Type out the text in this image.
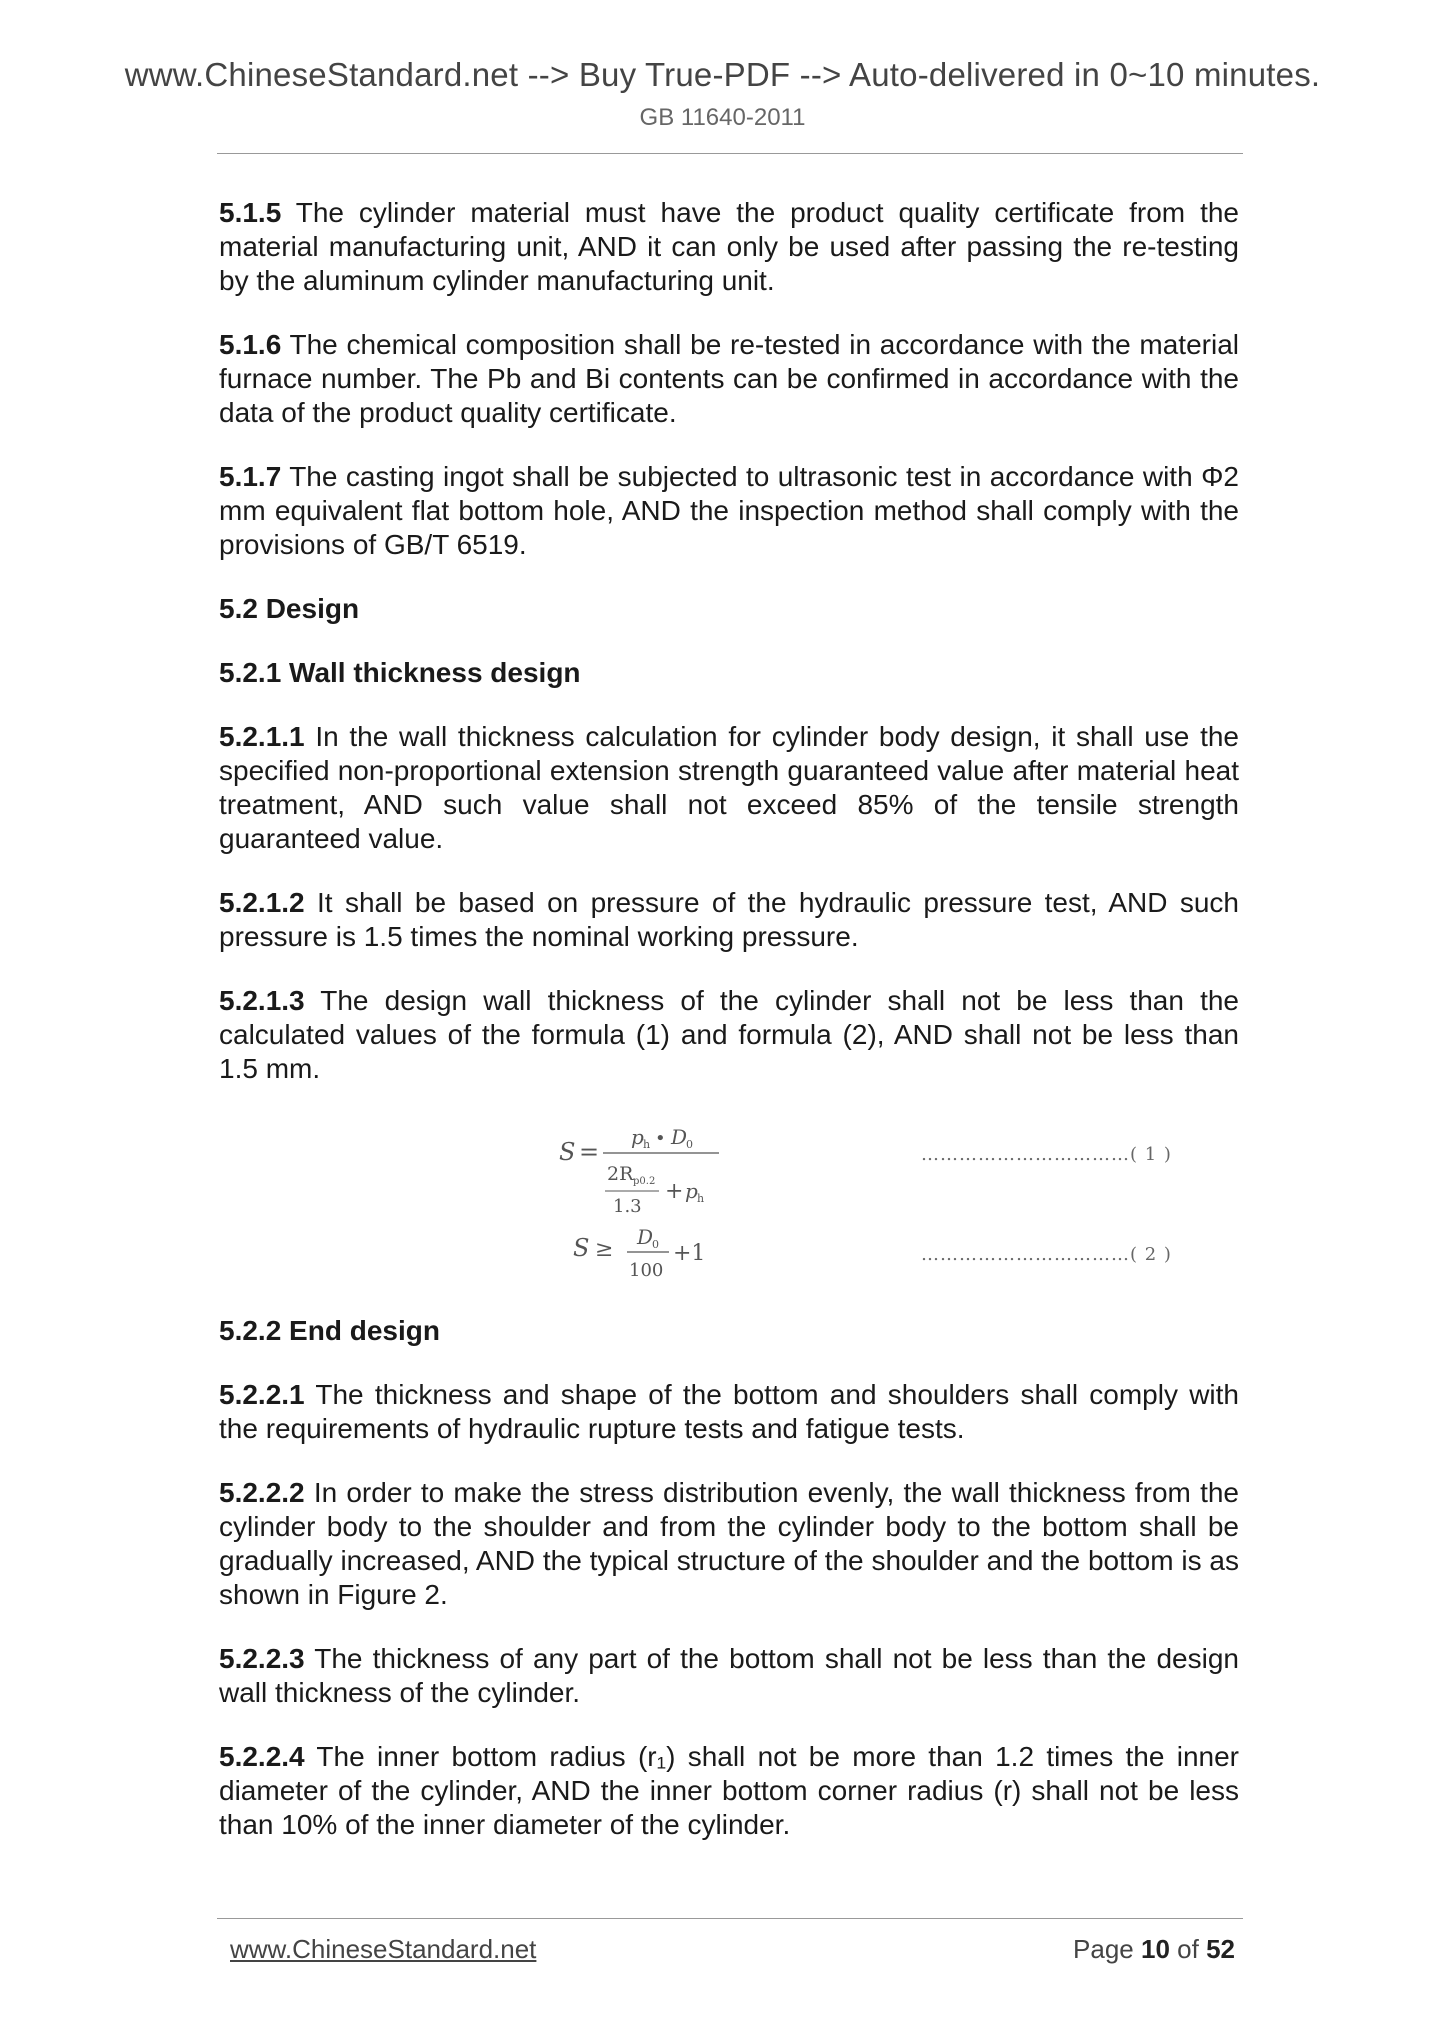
www.ChineseStandard.net --> Buy True-PDF --> Auto-delivered in 0~10 minutes.
GB 11640-2011

5.1.5 The cylinder material must have the product quality certificate from the material manufacturing unit, AND it can only be used after passing the re-testing by the aluminum cylinder manufacturing unit.

5.1.6 The chemical composition shall be re-tested in accordance with the material furnace number. The Pb and Bi contents can be confirmed in accordance with the data of the product quality certificate.

5.1.7 The casting ingot shall be subjected to ultrasonic test in accordance with Φ2 mm equivalent flat bottom hole, AND the inspection method shall comply with the provisions of GB/T 6519.

5.2 Design
5.2.1 Wall thickness design

5.2.1.1 In the wall thickness calculation for cylinder body design, it shall use the specified non-proportional extension strength guaranteed value after material heat treatment, AND such value shall not exceed 85% of the tensile strength guaranteed value.

5.2.1.2 It shall be based on pressure of the hydraulic pressure test, AND such pressure is 1.5 times the nominal working pressure.

5.2.1.3 The design wall thickness of the cylinder shall not be less than the calculated values of the formula (1) and formula (2), AND shall not be less than 1.5 mm.

S =
p h • D
0
2R p0.2
1.3
+ p h
S ≥ D
0
100
+1
……………………………( 1 )
……………………………( 2 )
5.2.2 End design

5.2.2.1 The thickness and shape of the bottom and shoulders shall comply with the requirements of hydraulic rupture tests and fatigue tests.

5.2.2.2 In order to make the stress distribution evenly, the wall thickness from the cylinder body to the shoulder and from the cylinder body to the bottom shall be gradually increased, AND the typical structure of the shoulder and the bottom is as shown in Figure 2.

5.2.2.3 The thickness of any part of the bottom shall not be less than the design wall thickness of the cylinder.

5.2.2.4 The inner bottom radius (r₁) shall not be more than 1.2 times the inner diameter of the cylinder, AND the inner bottom corner radius (r) shall not be less than 10% of the inner diameter of the cylinder.

www.ChineseStandard.net	Page 10 of 52
